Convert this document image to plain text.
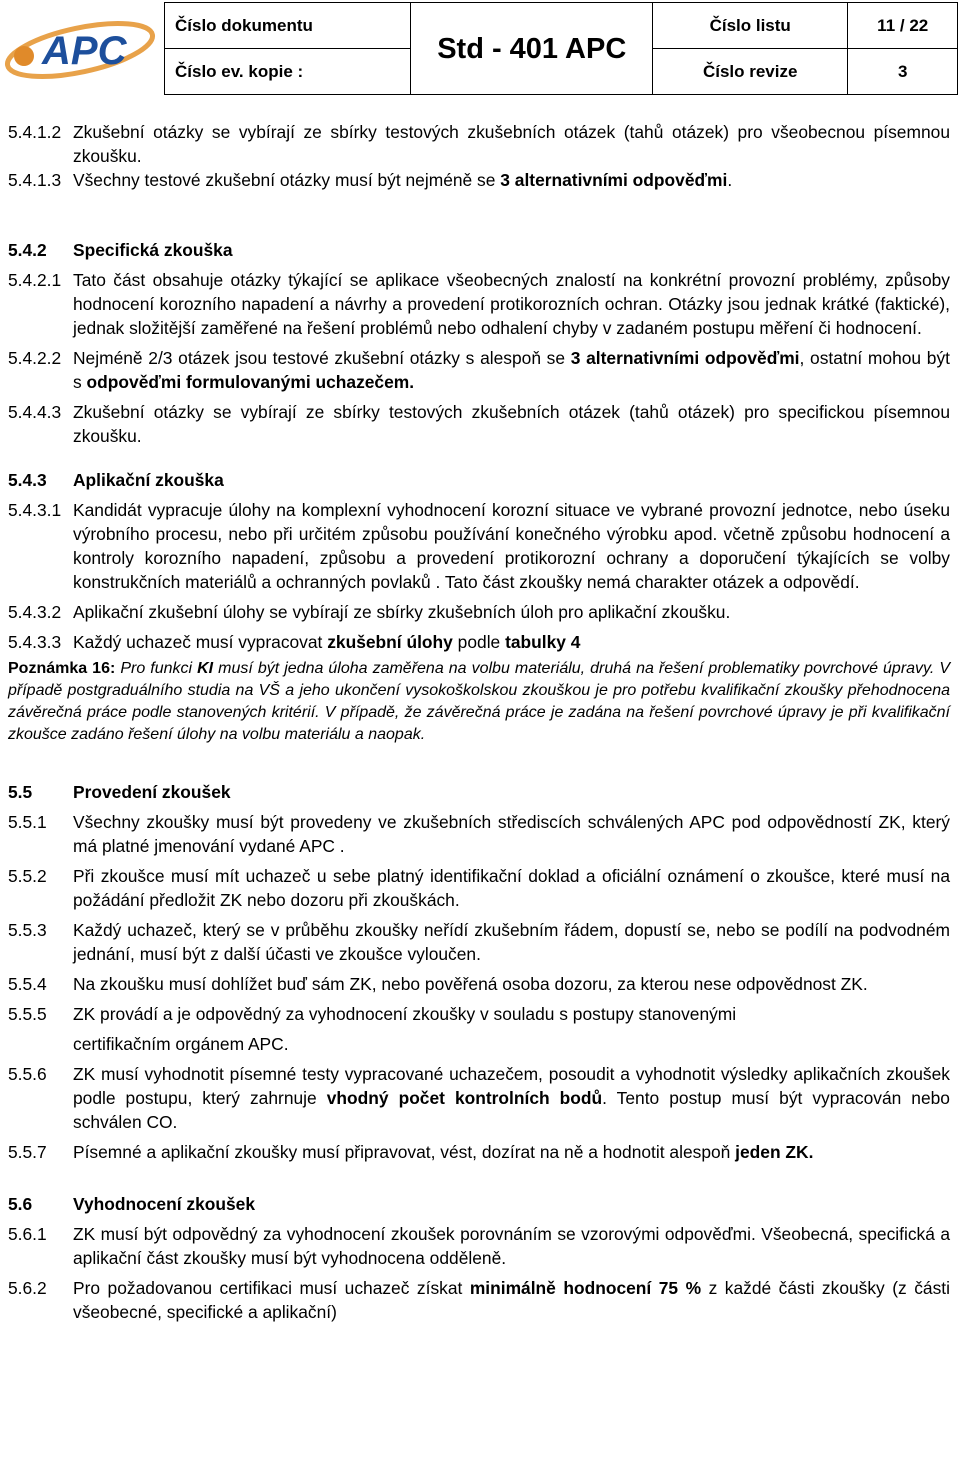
APC
Číslo dokumentu	Std - 401 APC	Číslo listu	11 / 22
Číslo ev. kopie :		Číslo revize	3
5.4.1.2 Zkušební otázky se vybírají ze sbírky testových zkušebních otázek (tahů otázek) pro všeobecnou písemnou zkoušku.
5.4.1.3 Všechny testové zkušební otázky musí být nejméně se 3 alternativními odpověďmi.
5.4.2	Specifická zkouška
5.4.2.1 Tato část obsahuje otázky týkající se aplikace všeobecných znalostí na konkrétní provozní problémy, způsoby hodnocení korozního napadení a návrhy a provedení protikorozních ochran. Otázky jsou jednak krátké (faktické), jednak složitější zaměřené na řešení problémů nebo odhalení chyby v zadaném postupu měření či hodnocení.
5.4.2.2 Nejméně 2/3 otázek jsou testové zkušební otázky s alespoň se 3 alternativními odpověďmi, ostatní mohou být s odpověďmi formulovanými uchazečem.
5.4.4.3 Zkušební otázky se vybírají ze sbírky testových zkušebních otázek (tahů otázek) pro specifickou písemnou zkoušku.
5.4.3	Aplikační zkouška
5.4.3.1 Kandidát vypracuje úlohy na komplexní vyhodnocení korozní situace ve vybrané provozní jednotce, nebo úseku výrobního procesu, nebo při určitém způsobu používání konečného výrobku apod. včetně způsobu hodnocení a kontroly korozního napadení, způsobu a provedení protikorozní ochrany a doporučení týkajících se volby konstrukčních materiálů a ochranných povlaků . Tato část zkoušky nemá charakter otázek a odpovědí.
5.4.3.2 Aplikační zkušební úlohy se vybírají ze sbírky zkušebních úloh pro aplikační zkoušku.
5.4.3.3 Každý uchazeč musí vypracovat zkušební úlohy podle tabulky 4
Poznámka 16: Pro funkci KI musí být jedna úloha zaměřena na volbu materiálu, druhá na řešení problematiky povrchové úpravy. V případě postgraduálního studia na VŠ a jeho ukončení vysokoškolskou zkouškou je pro potřebu kvalifikační zkoušky přehodnocena závěrečná práce podle stanovených kritérií. V případě, že závěrečná práce je zadána na řešení povrchové úpravy je při kvalifikační zkoušce zadáno řešení úlohy na volbu materiálu a naopak.
5.5	Provedení zkoušek
5.5.1	Všechny zkoušky musí být provedeny ve zkušebních střediscích schválených APC pod odpovědností ZK, který má platné jmenování vydané APC .
5.5.2	Při zkoušce musí mít uchazeč u sebe platný identifikační doklad a oficiální oznámení o zkoušce, které musí na požádání předložit ZK nebo dozoru při zkouškách.
5.5.3	Každý uchazeč, který se v průběhu zkoušky neřídí zkušebním řádem, dopustí se, nebo se podílí na podvodném jednání, musí být z další účasti ve zkoušce vyloučen.
5.5.4	Na zkoušku musí dohlížet buď sám ZK, nebo pověřená osoba dozoru, za kterou nese odpovědnost ZK.
5.5.5	ZK provádí a je odpovědný za vyhodnocení zkoušky v souladu s postupy stanovenými
certifikačním orgánem APC.
5.5.6	ZK musí vyhodnotit písemné testy vypracované uchazečem, posoudit a vyhodnotit výsledky aplikačních zkoušek podle postupu, který zahrnuje vhodný počet kontrolních bodů. Tento postup musí být vypracován nebo schválen CO.
5.5.7	Písemné a aplikační zkoušky musí připravovat, vést, dozírat na ně a hodnotit alespoň jeden ZK.
5.6	Vyhodnocení zkoušek
5.6.1	ZK musí být odpovědný za vyhodnocení zkoušek porovnáním se vzorovými odpověďmi. Všeobecná, specifická a aplikační část zkoušky musí být vyhodnocena odděleně.
5.6.2	Pro požadovanou certifikaci musí uchazeč získat minimálně hodnocení 75 % z každé části zkoušky (z části všeobecné, specifické a aplikační)
